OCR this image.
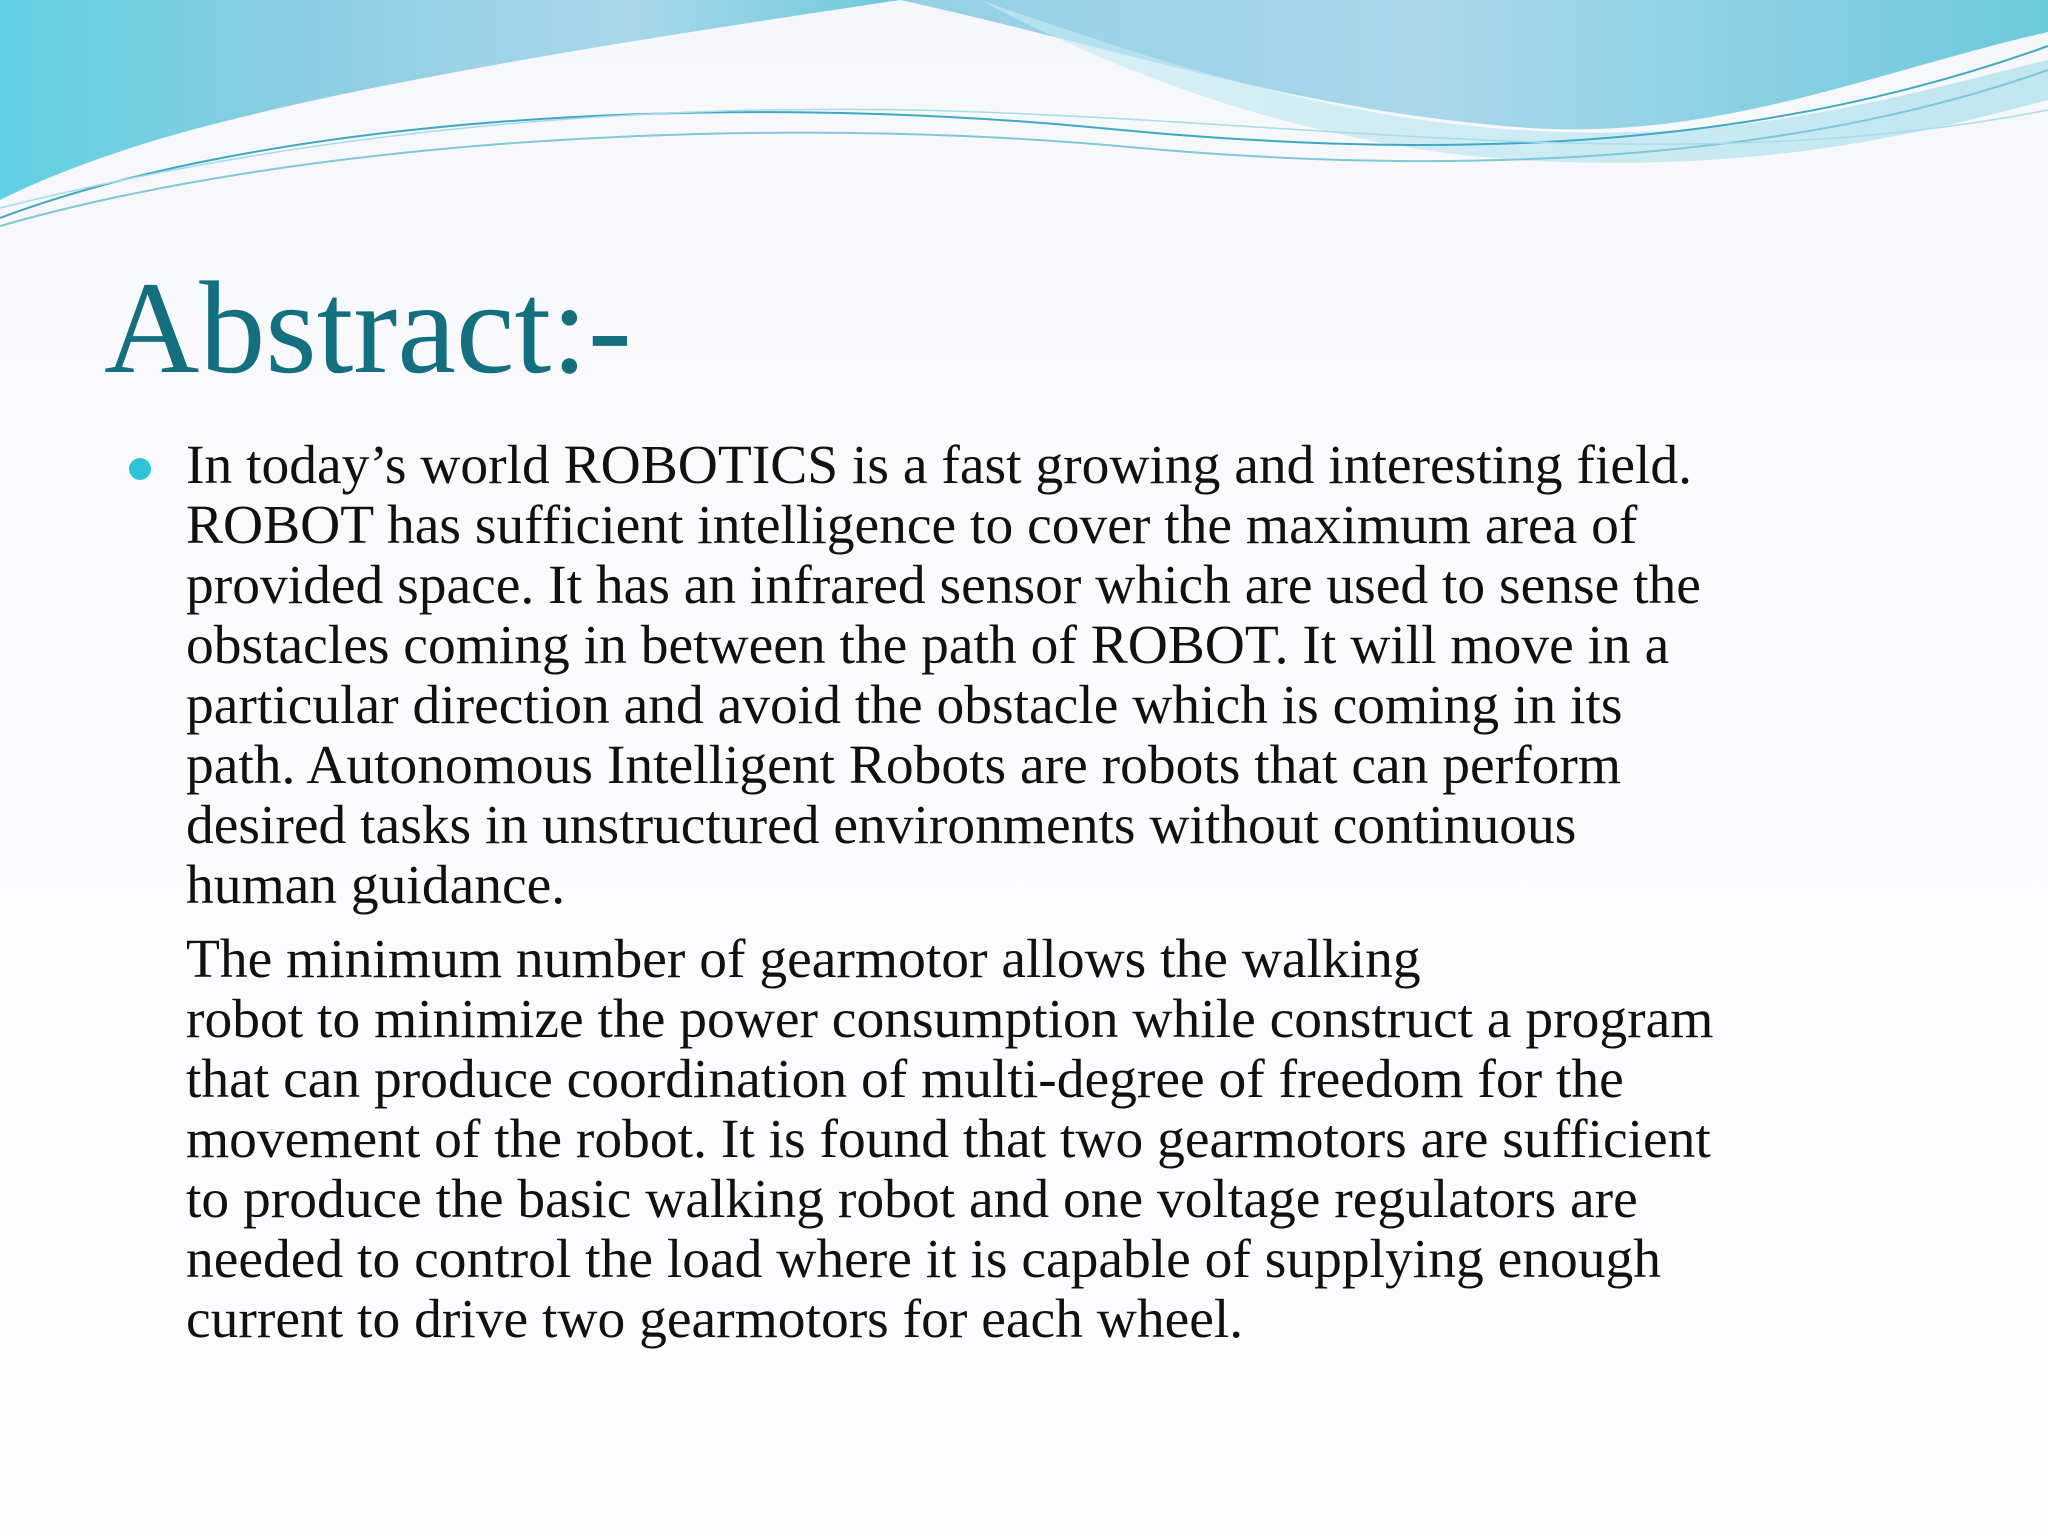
Abstract:-

In today’s world ROBOTICS is a fast growing and interesting field.
ROBOT has sufficient intelligence to cover the maximum area of
provided space. It has an infrared sensor which are used to sense the
obstacles coming in between the path of ROBOT. It will move in a
particular direction and avoid the obstacle which is coming in its
path. Autonomous Intelligent Robots are robots that can perform
desired tasks in unstructured environments without continuous
human guidance.

The minimum number of gearmotor allows the walking
robot to minimize the power consumption while construct a program
that can produce coordination of multi-degree of freedom for the
movement of the robot. It is found that two gearmotors are sufficient
to produce the basic walking robot and one voltage regulators are
needed to control the load where it is capable of supplying enough
current to drive two gearmotors for each wheel.
